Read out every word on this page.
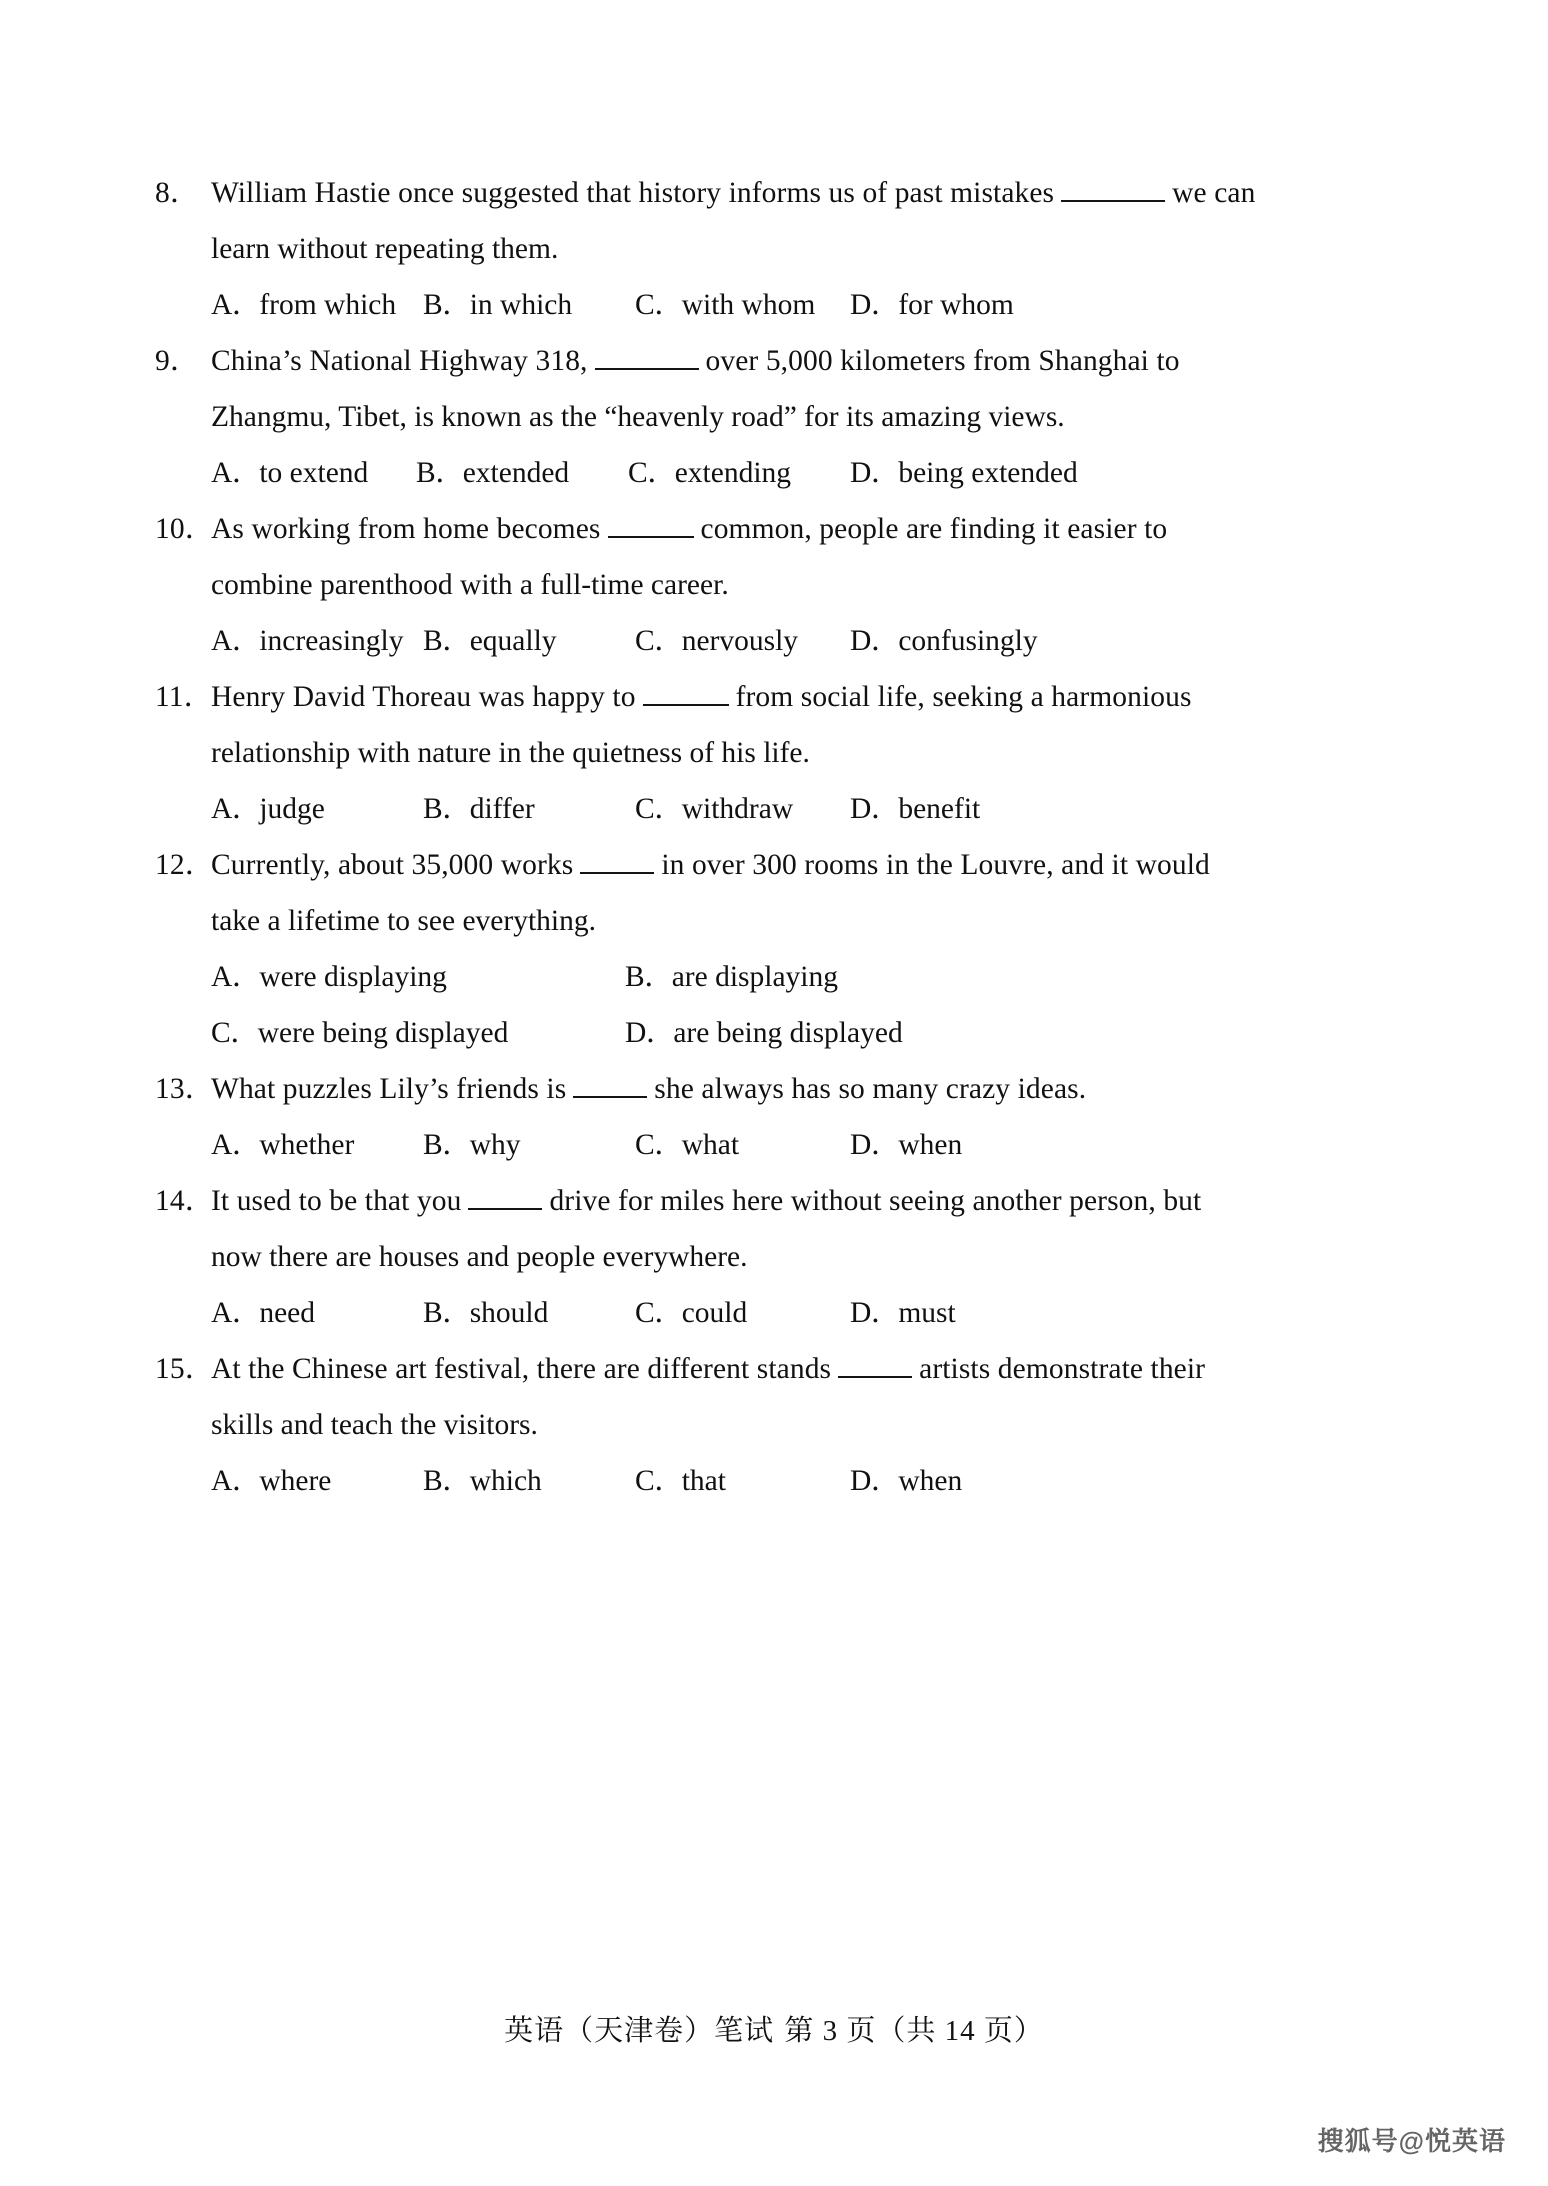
8． William Hastie once suggested that history informs us of past mistakes	we can
learn without repeating them.
A ． from which B ． in which	C ． with whom	D ． for whom
9． China’s National Highway 318,	over 5,000 kilometers from Shanghai to
Zhangmu, Tibet, is known as the “heavenly road” for its amazing views.
A ． to extend	B ． extended	C ． extending	D ． being extended
10．
As working from home becomes	common, people are finding it easier to
combine parenthood with a full-time career.
A ． increasingly B ． equally	C ． nervously	D ． confusingly
11．
Henry David Thoreau was happy to	from social life, seeking a harmonious
relationship with nature in the quietness of his life.
A ． judge	B ． differ	C ． withdraw	D ． benefit
12．
Currently, about 35,000 works	in over 300 rooms in the Louvre, and it would
take a lifetime to see everything.
A ． were displaying	B ． are displaying
C ． were being displayed	D ． are being displayed
13．
What puzzles Lily’s friends is	she always has so many crazy ideas.
A ． whether	B ． why	C ． what	D ． when
14．
It used to be that you	drive for miles here without seeing another person, but
now there are houses and people everywhere.
A ． need	B ． should	C ． could	D ． must
15．
At the Chinese art festival, there are different stands	artists demonstrate their
skills and teach the visitors.
A ． where	B ． which	C ． that	D ． when
英语（天津卷）笔试 第 3 页（共 14 页）
搜狐号@悦英语
